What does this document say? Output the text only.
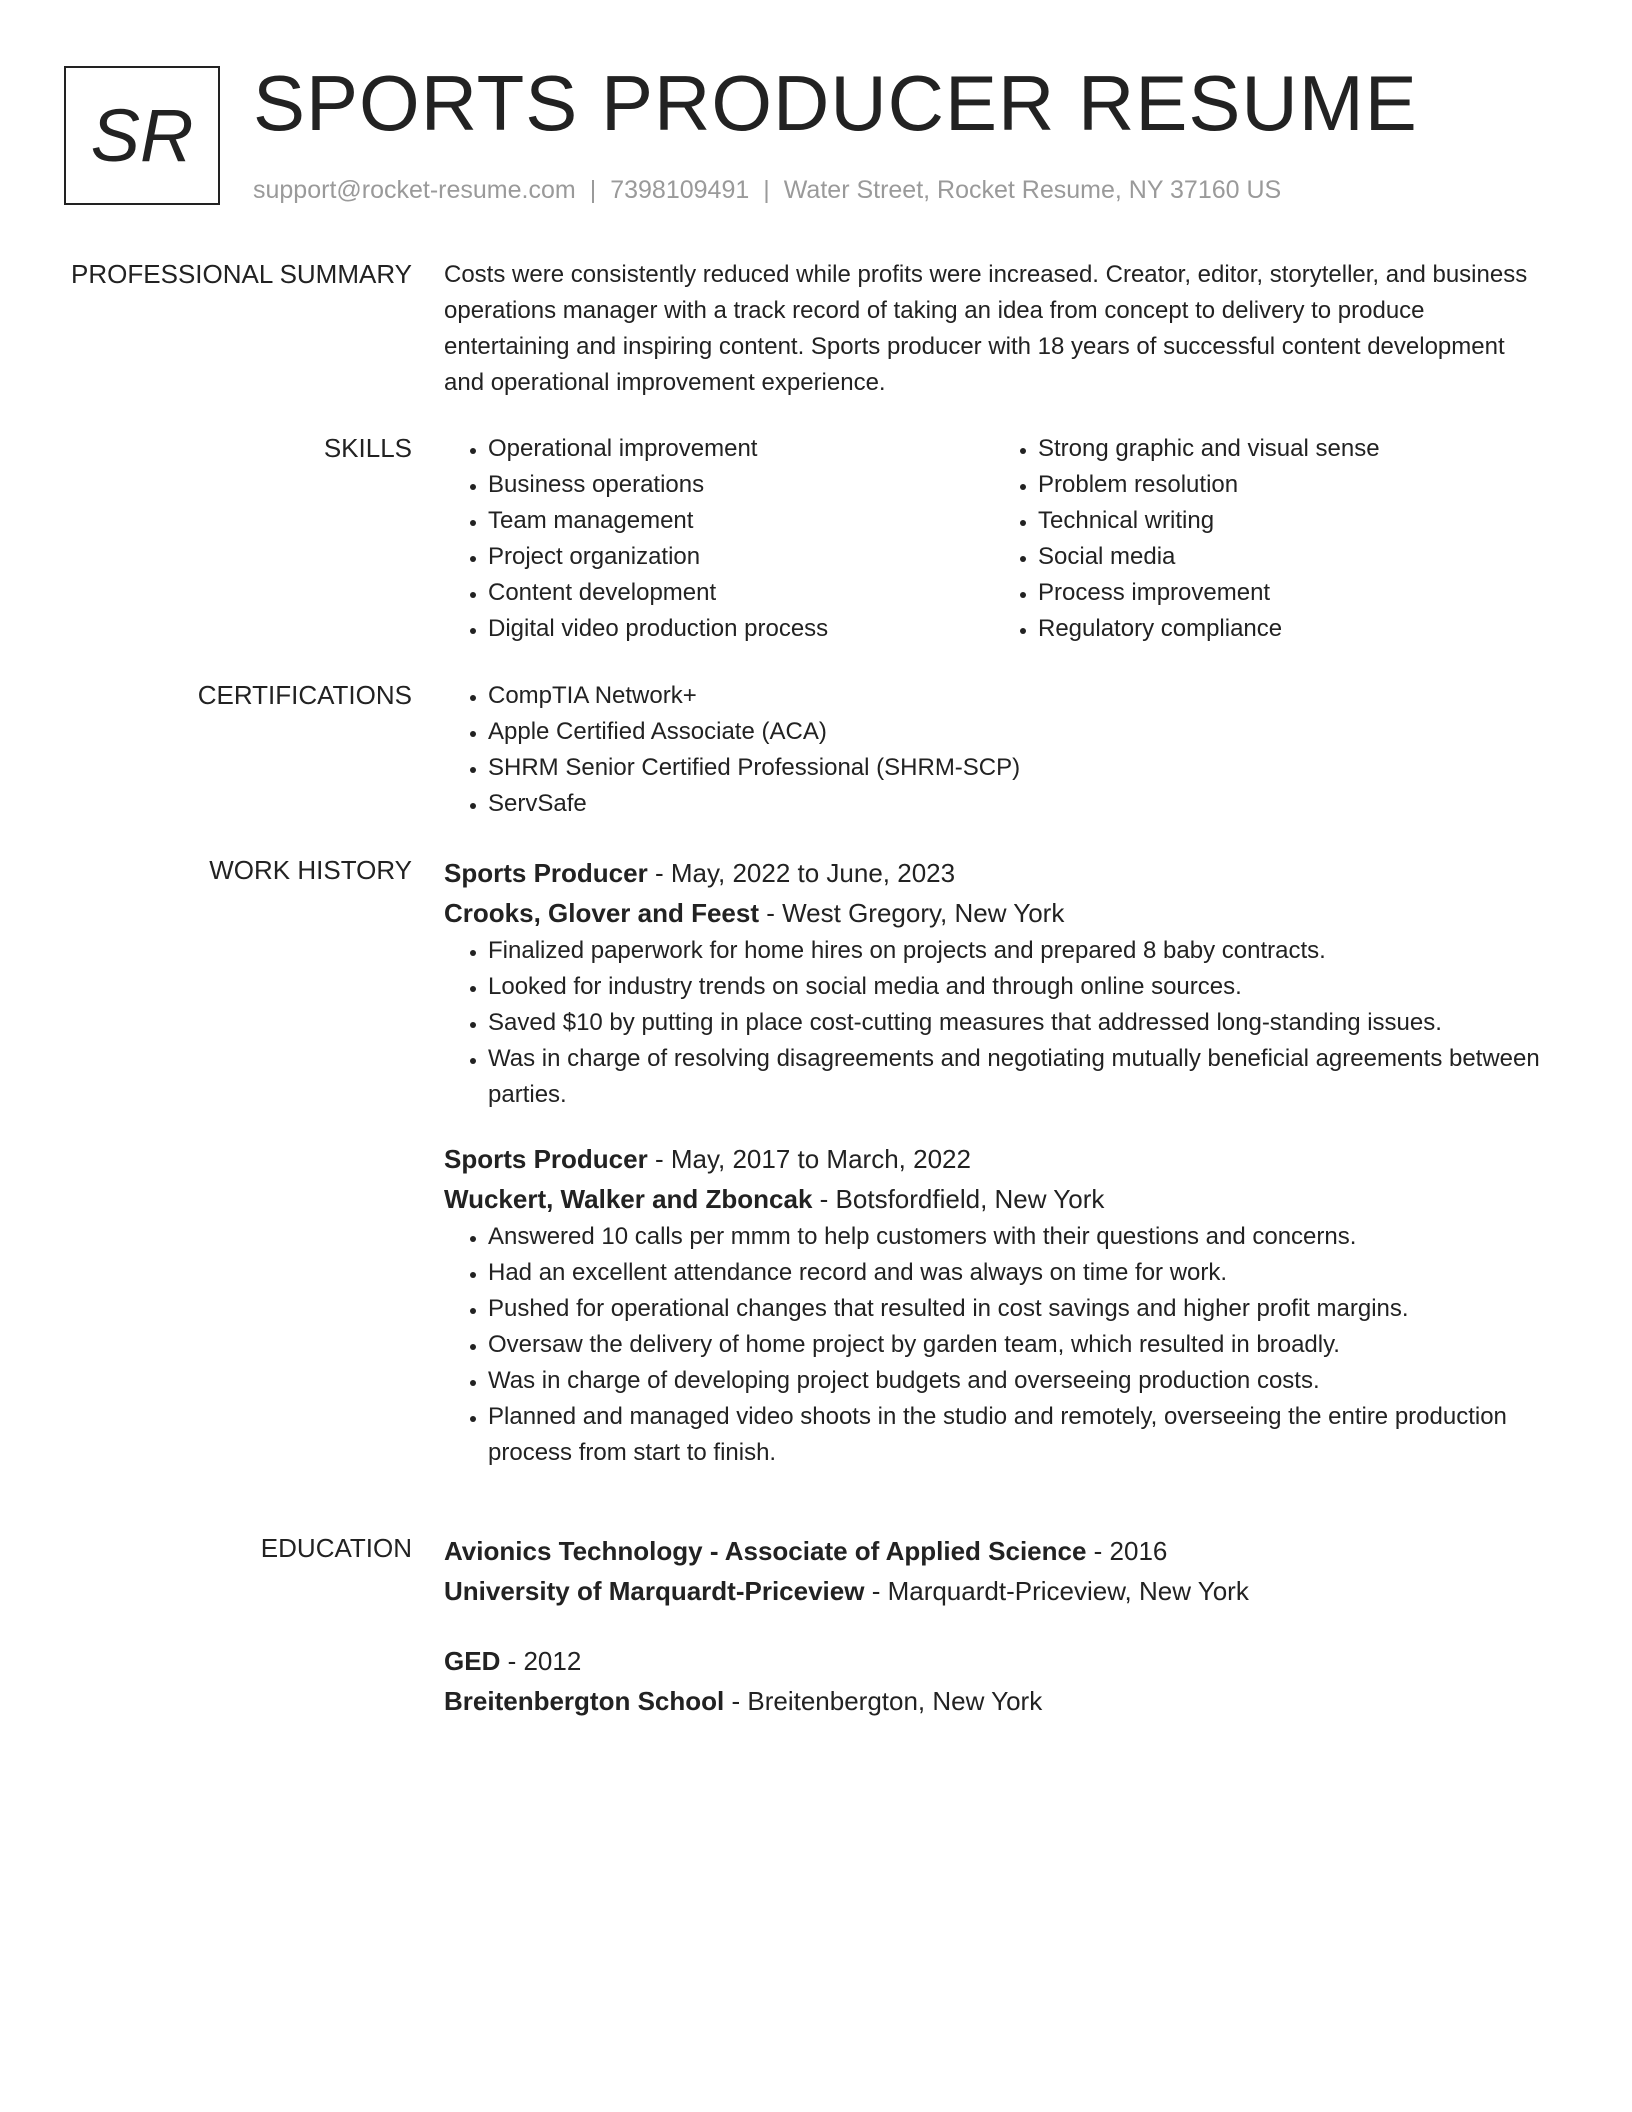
SR SPORTS PRODUCER RESUME
support@rocket-resume.com | 7398109491 | Water Street, Rocket Resume, NY 37160 US
PROFESSIONAL SUMMARY Costs were consistently reduced while profits were increased. Creator, editor, storyteller, and business operations manager with a track record of taking an idea from concept to delivery to produce entertaining and inspiring content. Sports producer with 18 years of successful content development and operational improvement experience.

SKILLS	• Operational improvement
• Business operations
• Team management
• Project organization
• Content development
• Digital video production process
• Strong graphic and visual sense
• Problem resolution
• Technical writing
• Social media
• Process improvement
• Regulatory compliance
CERTIFICATIONS	• CompTIA Network+
• Apple Certified Associate (ACA)
• SHRM Senior Certified Professional (SHRM-SCP)
• ServSafe
WORK HISTORY Sports Producer - May, 2022 to June, 2023
Crooks, Glover and Feest - West Gregory, New York
• Finalized paperwork for home hires on projects and prepared 8 baby contracts.
• Looked for industry trends on social media and through online sources.
• Saved $10 by putting in place cost-cutting measures that addressed long-standing issues.
• Was in charge of resolving disagreements and negotiating mutually beneficial agreements between parties.
Sports Producer - May, 2017 to March, 2022
Wuckert, Walker and Zboncak - Botsfordfield, New York
• Answered 10 calls per mmm to help customers with their questions and concerns.
• Had an excellent attendance record and was always on time for work.
• Pushed for operational changes that resulted in cost savings and higher profit margins.
• Oversaw the delivery of home project by garden team, which resulted in broadly.
• Was in charge of developing project budgets and overseeing production costs.
• Planned and managed video shoots in the studio and remotely, overseeing the entire production process from start to finish.
EDUCATION Avionics Technology - Associate of Applied Science - 2016
University of Marquardt-Priceview - Marquardt-Priceview, New York
GED - 2012
Breitenbergton School - Breitenbergton, New York
